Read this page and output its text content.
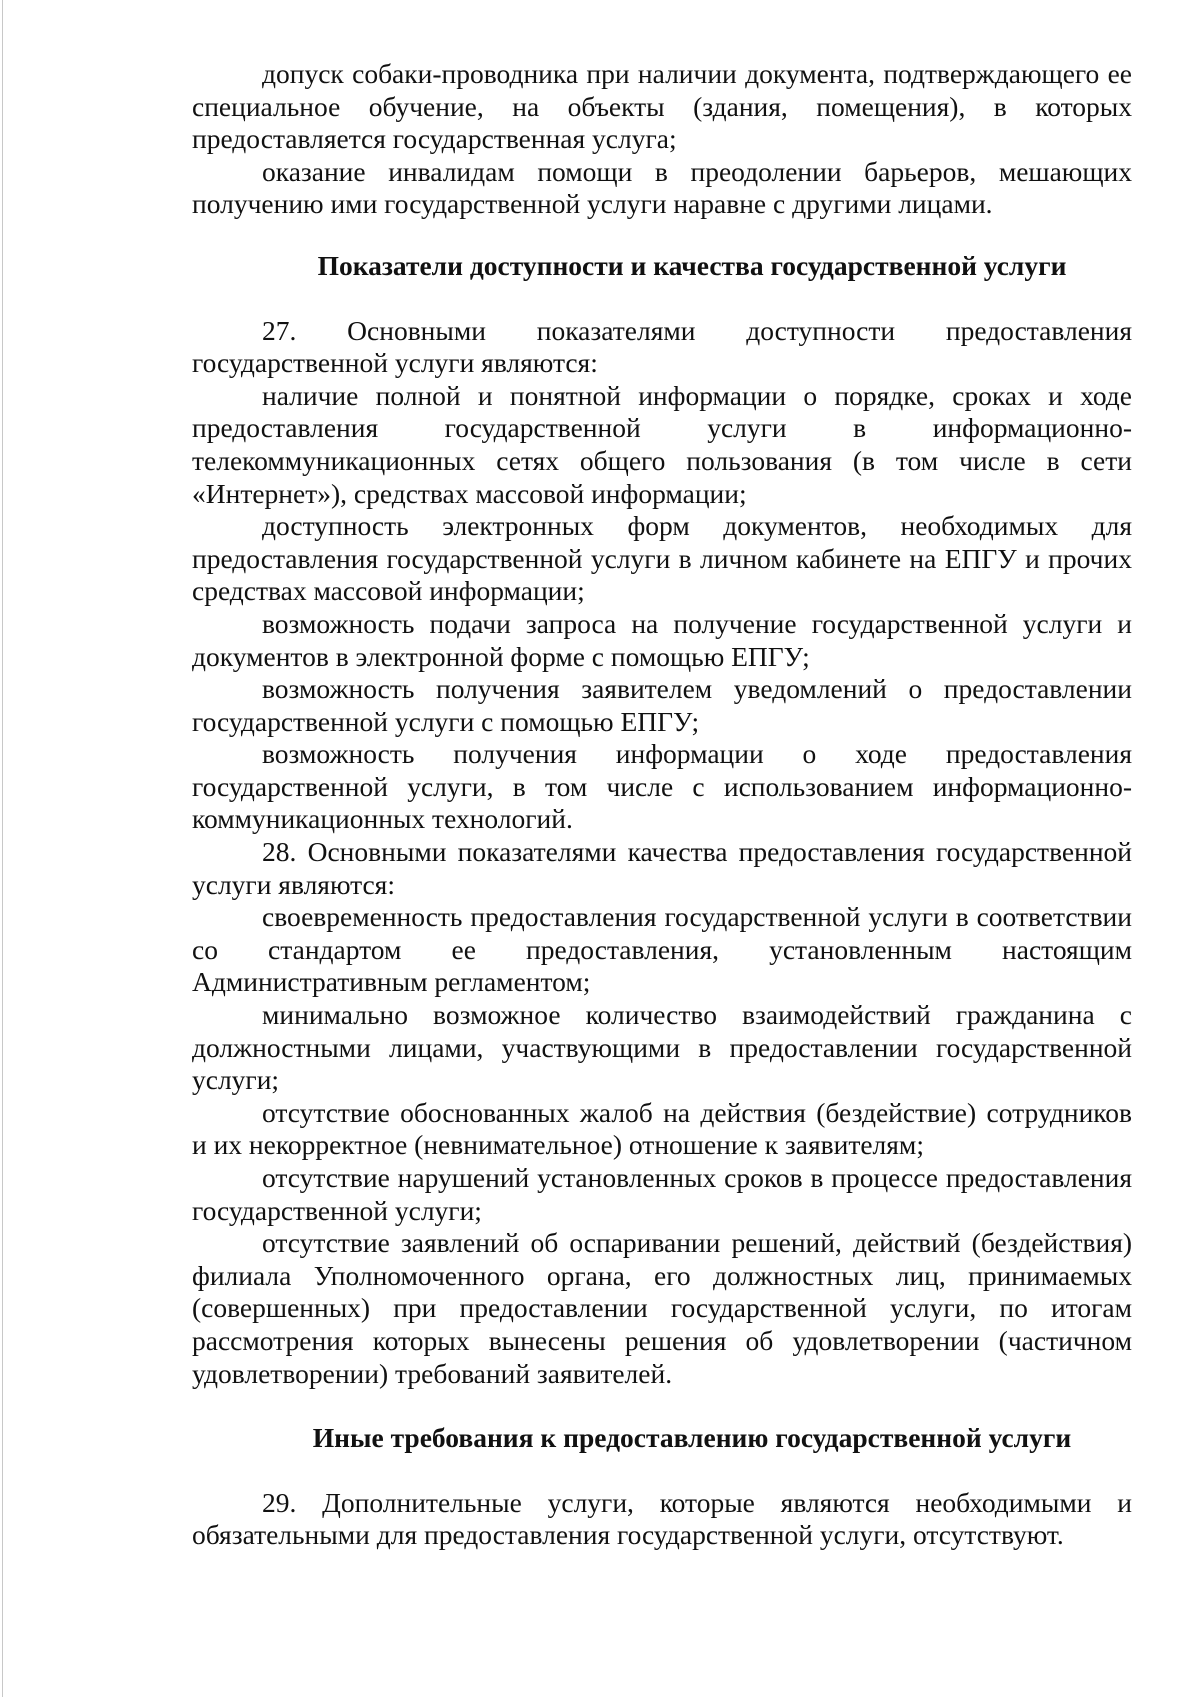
допуск собаки-проводника при наличии документа, подтверждающего ее специальное обучение, на объекты (здания, помещения), в которых предоставляется государственная услуга;

оказание инвалидам помощи в преодолении барьеров, мешающих получению ими государственной услуги наравне с другими лицами.

Показатели доступности и качества государственной услуги

27. Основными показателями доступности предоставления государственной услуги являются:

наличие полной и понятной информации о порядке, сроках и ходе предоставления государственной услуги в информационно-телекоммуникационных сетях общего пользования (в том числе в сети «Интернет»), средствах массовой информации;

доступность электронных форм документов, необходимых для предоставления государственной услуги в личном кабинете на ЕПГУ и прочих средствах массовой информации;

возможность подачи запроса на получение государственной услуги и документов в электронной форме с помощью ЕПГУ;

возможность получения заявителем уведомлений о предоставлении государственной услуги с помощью ЕПГУ;

возможность получения информации о ходе предоставления государственной услуги, в том числе с использованием информационно-коммуникационных технологий.

28. Основными показателями качества предоставления государственной услуги являются:

своевременность предоставления государственной услуги в соответствии со стандартом ее предоставления, установленным настоящим Административным регламентом;

минимально возможное количество взаимодействий гражданина с должностными лицами, участвующими в предоставлении государственной услуги;

отсутствие обоснованных жалоб на действия (бездействие) сотрудников и их некорректное (невнимательное) отношение к заявителям;

отсутствие нарушений установленных сроков в процессе предоставления государственной услуги;

отсутствие заявлений об оспаривании решений, действий (бездействия) филиала Уполномоченного органа, его должностных лиц, принимаемых (совершенных) при предоставлении государственной услуги, по итогам рассмотрения которых вынесены решения об удовлетворении (частичном удовлетворении) требований заявителей.

Иные требования к предоставлению государственной услуги

29. Дополнительные услуги, которые являются необходимыми и обязательными для предоставления государственной услуги, отсутствуют.
